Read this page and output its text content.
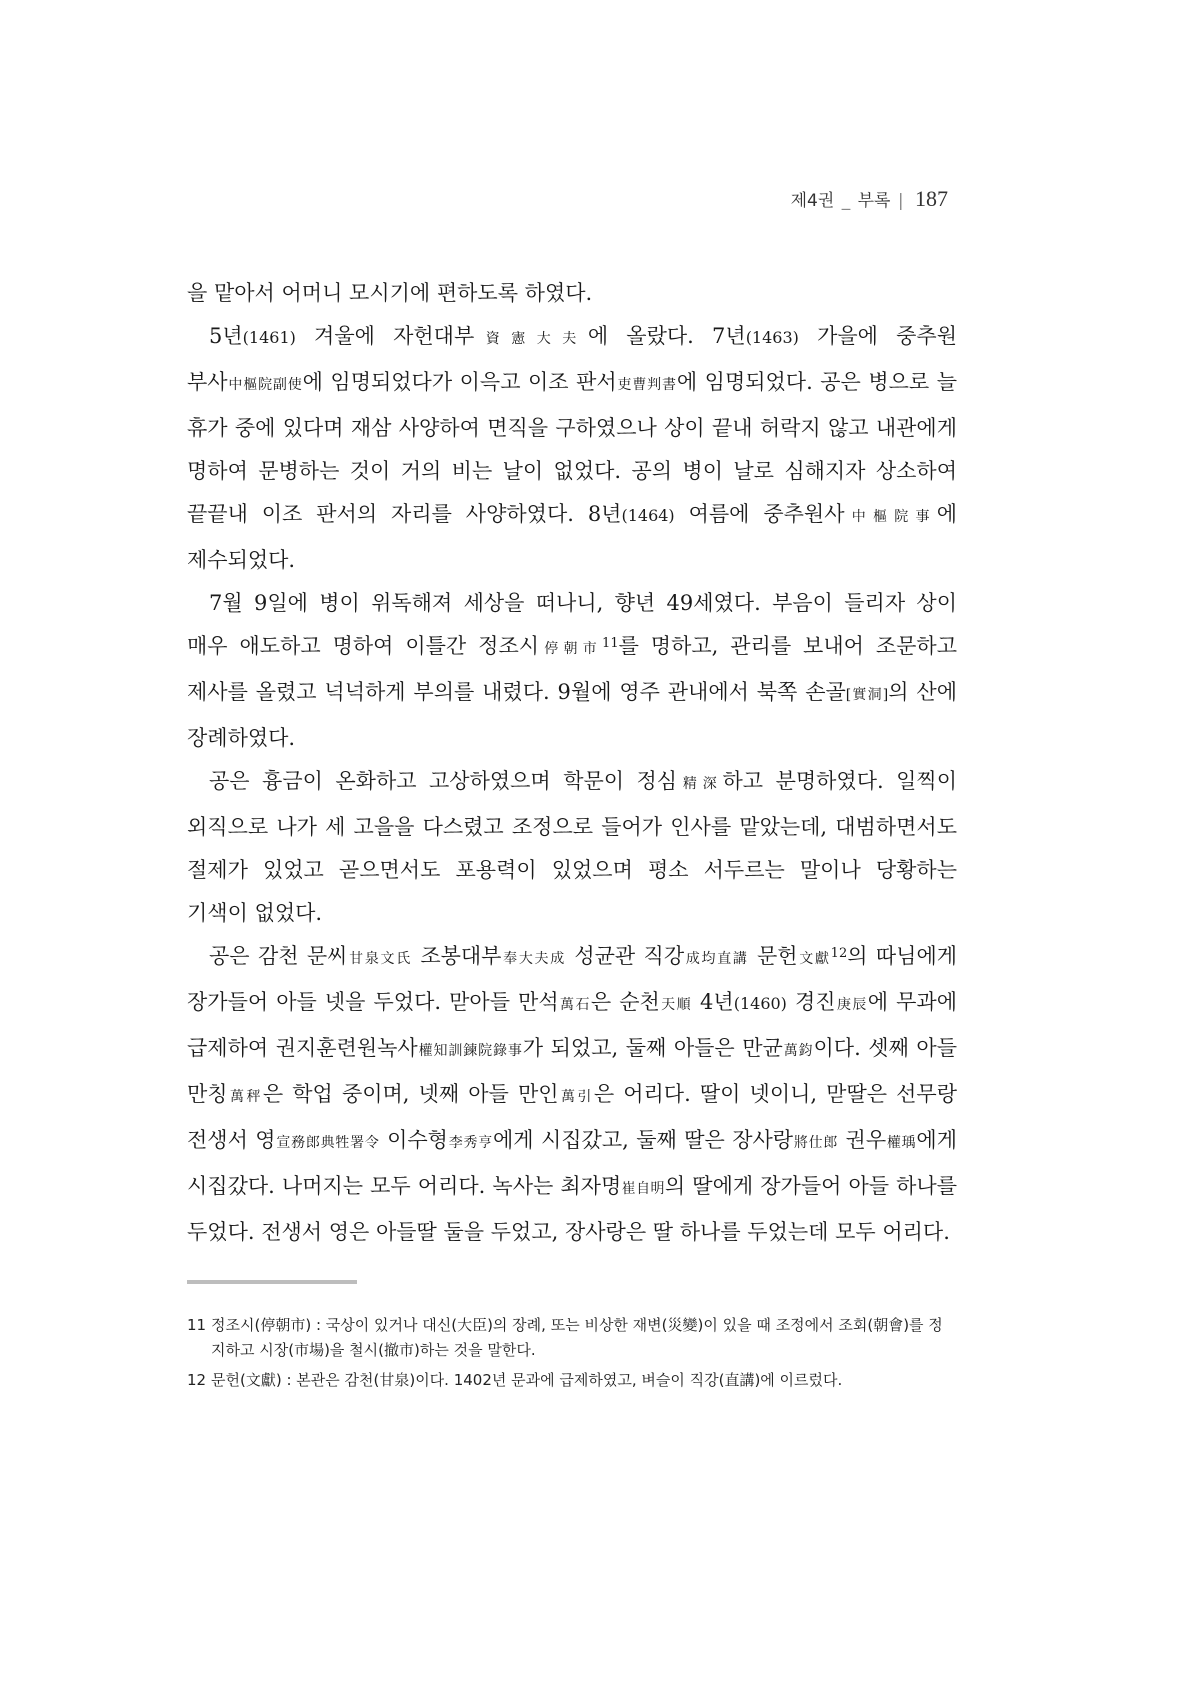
제4권 _ 부록 | 187

을 맡아서 어머니 모시기에 편하도록 하였다.

5년(1461) 겨울에 자헌대부資憲大夫에 올랐다. 7년(1463) 가을에 중추원 부사中樞院副使에 임명되었다가 이윽고 이조 판서吏曹判書에 임명되었다. 공은 병으로 늘 휴가 중에 있다며 재삼 사양하여 면직을 구하였으나 상이 끝내 허락지 않고 내관에게 명하여 문병하는 것이 거의 비는 날이 없었다. 공의 병이 날로 심해지자 상소하여 끝끝내 이조 판서의 자리를 사양하였다. 8년(1464) 여름에 중추원사中樞院事에 제수되었다.

7월 9일에 병이 위독해져 세상을 떠나니, 향년 49세였다. 부음이 들리자 상이 매우 애도하고 명하여 이틀간 정조시停朝市$^{11}$를 명하고, 관리를 보내어 조문하고 제사를 올렸고 넉넉하게 부의를 내렸다. 9월에 영주 관내에서 북쪽 손골[實洞]의 산에 장례하였다.

공은 흉금이 온화하고 고상하였으며 학문이 정심精深하고 분명하였다. 일찍이 외직으로 나가 세 고을을 다스렸고 조정으로 들어가 인사를 맡았는데, 대범하면서도 절제가 있었고 곧으면서도 포용력이 있었으며 평소 서두르는 말이나 당황하는 기색이 없었다.

공은 감천 문씨甘泉文氏 조봉대부奉大夫成 성균관 직강成均直講 문헌文獻$^{12}$의 따님에게 장가들어 아들 넷을 두었다. 맏아들 만석萬石은 순천天順 4년(1460) 경진庚辰에 무과에 급제하여 권지훈련원녹사權知訓鍊院錄事가 되었고, 둘째 아들은 만균萬鈞이다. 셋째 아들 만칭萬秤은 학업 중이며, 넷째 아들 만인萬引은 어리다. 딸이 넷이니, 맏딸은 선무랑 전생서 영宣務郎典牲署令 이수형李秀亨에게 시집갔고, 둘째 딸은 장사랑將仕郎 권우權瑀에게 시집갔다. 나머지는 모두 어리다. 녹사는 최자명崔自明의 딸에게 장가들어 아들 하나를 두었다. 전생서 영은 아들딸 둘을 두었고, 장사랑은 딸 하나를 두었는데 모두 어리다.

11 정조시(停朝市) : 국상이 있거나 대신(大臣)의 장례, 또는 비상한 재변(災變)이 있을 때 조정에서 조회(朝會)를 정지하고 시장(市場)을 철시(撤市)하는 것을 말한다.
12 문헌(文獻) : 본관은 감천(甘泉)이다. 1402년 문과에 급제하였고, 벼슬이 직강(直講)에 이르렀다.
